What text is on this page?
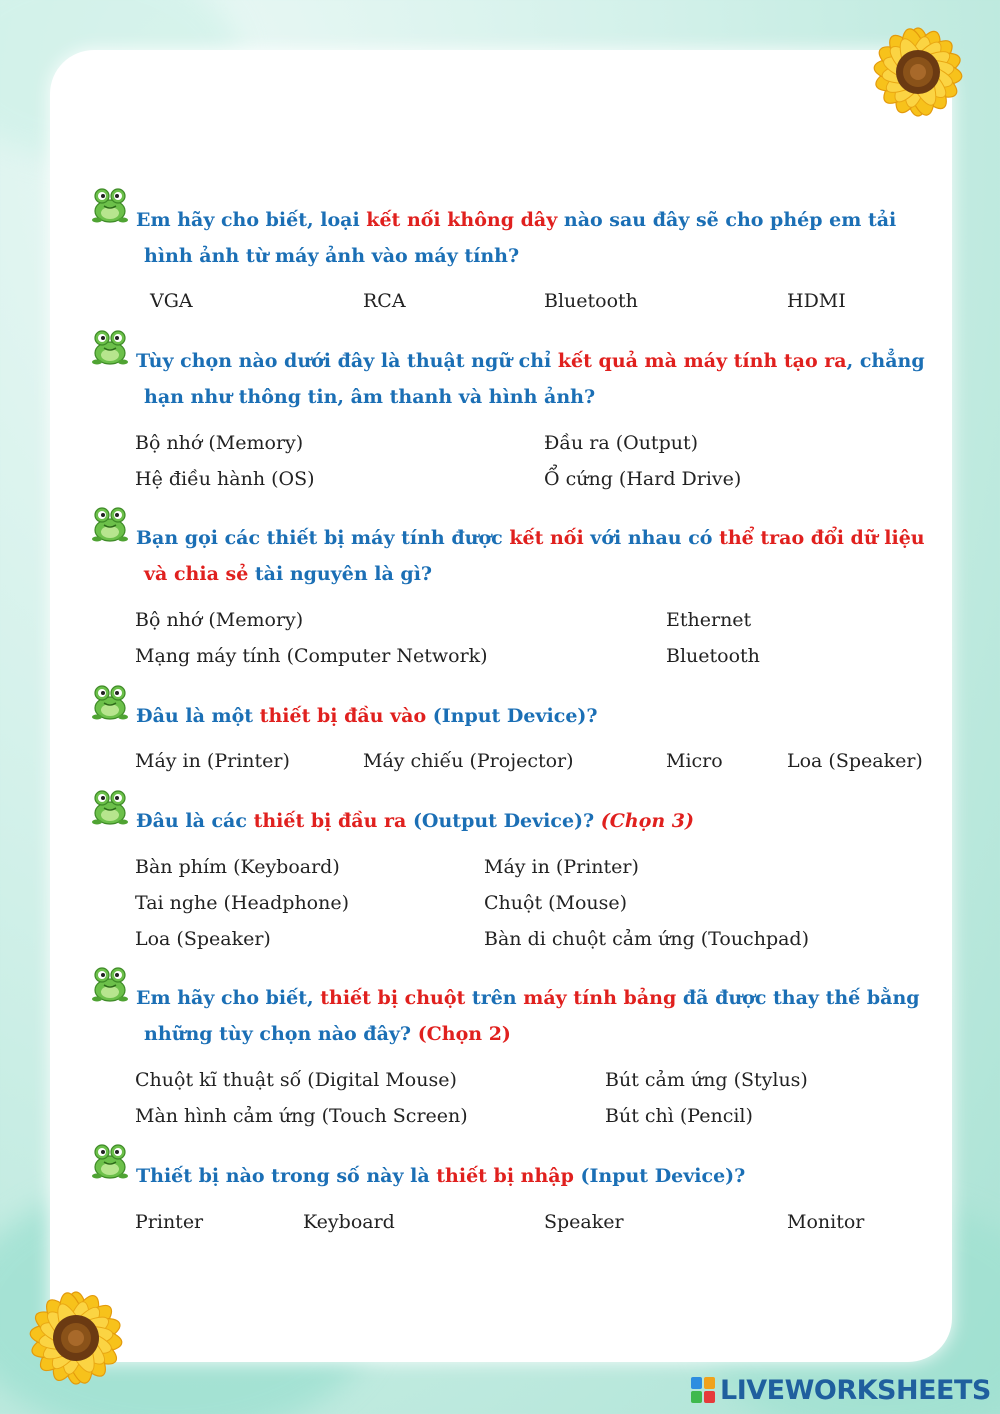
Em hãy cho biết, loại kết nối không dây nào sau đây sẽ cho phép em tải
hình ảnh từ máy ảnh vào máy tính?
VGA	RCA	Bluetooth	HDMI
Tùy chọn nào dưới đây là thuật ngữ chỉ kết quả mà máy tính tạo ra, chẳng
hạn như thông tin, âm thanh và hình ảnh?
Bộ nhớ (Memory)	Đầu ra (Output)
Hệ điều hành (OS)	Ổ cứng (Hard Drive)
Bạn gọi các thiết bị máy tính được kết nối với nhau có thể trao đổi dữ liệu
và chia sẻ tài nguyên là gì?
Bộ nhớ (Memory)	Ethernet
Mạng máy tính (Computer Network)	Bluetooth
Đâu là một thiết bị đầu vào (Input Device)?
Máy in (Printer)	Máy chiếu (Projector)	Micro	Loa (Speaker)
Đâu là các thiết bị đầu ra (Output Device)? (Chọn 3)
Bàn phím (Keyboard)	Máy in (Printer)
Tai nghe (Headphone)	Chuột (Mouse)
Loa (Speaker)	Bàn di chuột cảm ứng (Touchpad)
Em hãy cho biết, thiết bị chuột trên máy tính bảng đã được thay thế bằng
những tùy chọn nào đây? (Chọn 2)
Chuột kĩ thuật số (Digital Mouse)	Bút cảm ứng (Stylus)
Màn hình cảm ứng (Touch Screen)	Bút chì (Pencil)
Thiết bị nào trong số này là thiết bị nhập (Input Device)?
Printer	Keyboard	Speaker	Monitor
LIVEWORKSHEETS
